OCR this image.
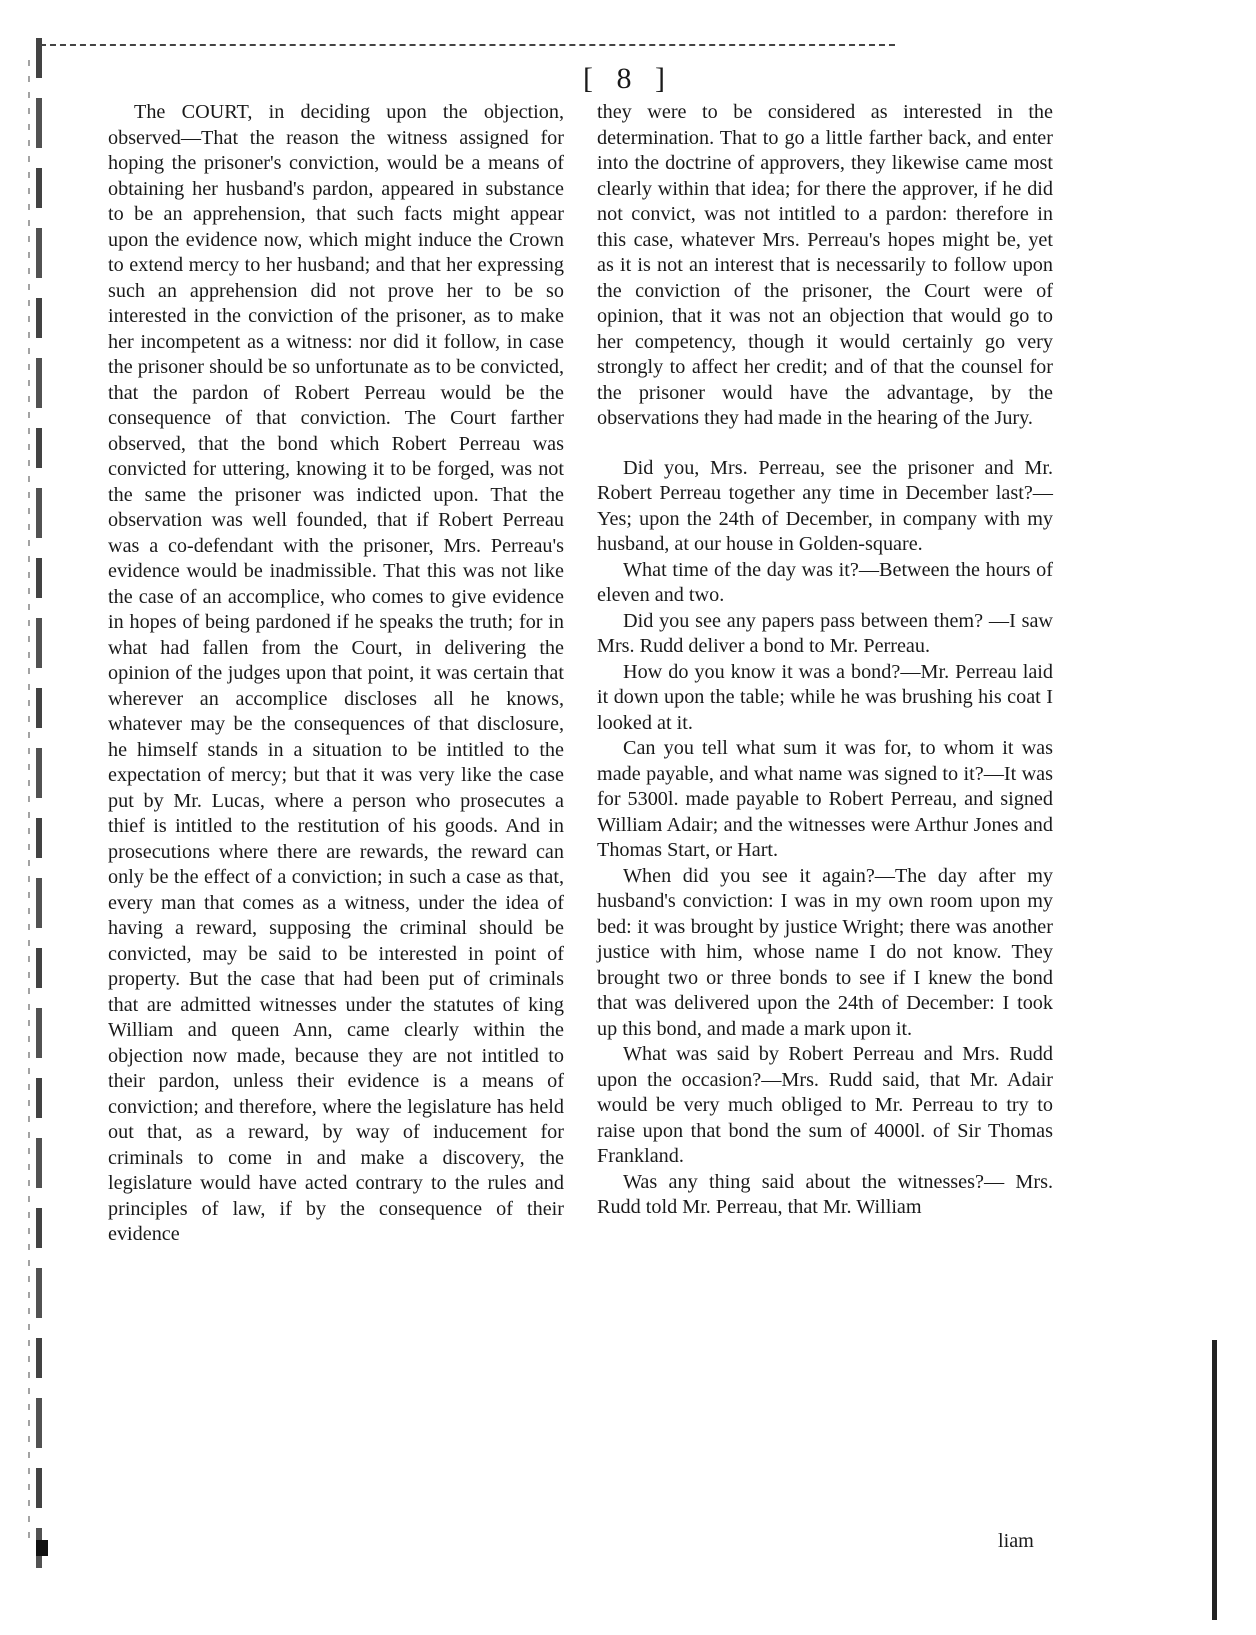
[ 8 ]

The COURT, in deciding upon the objection, observed—That the reason the witness assigned for hoping the prisoner's conviction, would be a means of obtaining her husband's pardon, appeared in substance to be an apprehension, that such facts might appear upon the evidence now, which might induce the Crown to extend mercy to her husband; and that her expressing such an apprehension did not prove her to be so interested in the conviction of the prisoner, as to make her incompetent as a witness: nor did it follow, in case the prisoner should be so unfortunate as to be convicted, that the pardon of Robert Perreau would be the consequence of that conviction. The Court farther observed, that the bond which Robert Perreau was convicted for uttering, knowing it to be forged, was not the same the prisoner was indicted upon. That the observation was well founded, that if Robert Perreau was a co-defendant with the prisoner, Mrs. Perreau's evidence would be inadmissible. That this was not like the case of an accomplice, who comes to give evidence in hopes of being pardoned if he speaks the truth; for in what had fallen from the Court, in delivering the opinion of the judges upon that point, it was certain that wherever an accomplice discloses all he knows, whatever may be the consequences of that disclosure, he himself stands in a situation to be intitled to the expectation of mercy; but that it was very like the case put by Mr. Lucas, where a person who prosecutes a thief is intitled to the restitution of his goods. And in prosecutions where there are rewards, the reward can only be the effect of a conviction; in such a case as that, every man that comes as a witness, under the idea of having a reward, supposing the criminal should be convicted, may be said to be interested in point of property. But the case that had been put of criminals that are admitted witnesses under the statutes of king William and queen Ann, came clearly within the objection now made, because they are not intitled to their pardon, unless their evidence is a means of conviction; and therefore, where the legislature has held out that, as a reward, by way of inducement for criminals to come in and make a discovery, the legislature would have acted contrary to the rules and principles of law, if by the consequence of their evidence

they were to be considered as interested in the determination. That to go a little farther back, and enter into the doctrine of approvers, they likewise came most clearly within that idea; for there the approver, if he did not convict, was not intitled to a pardon: therefore in this case, whatever Mrs. Perreau's hopes might be, yet as it is not an interest that is necessarily to follow upon the conviction of the prisoner, the Court were of opinion, that it was not an objection that would go to her competency, though it would certainly go very strongly to affect her credit; and of that the counsel for the prisoner would have the advantage, by the observations they had made in the hearing of the Jury.

Did you, Mrs. Perreau, see the prisoner and Mr. Robert Perreau together any time in December last?—Yes; upon the 24th of December, in company with my husband, at our house in Golden-square.

What time of the day was it?—Between the hours of eleven and two.

Did you see any papers pass between them? —I saw Mrs. Rudd deliver a bond to Mr. Perreau.

How do you know it was a bond?—Mr. Perreau laid it down upon the table; while he was brushing his coat I looked at it.

Can you tell what sum it was for, to whom it was made payable, and what name was signed to it?—It was for 5300l. made payable to Robert Perreau, and signed William Adair; and the witnesses were Arthur Jones and Thomas Start, or Hart.

When did you see it again?—The day after my husband's conviction: I was in my own room upon my bed: it was brought by justice Wright; there was another justice with him, whose name I do not know. They brought two or three bonds to see if I knew the bond that was delivered upon the 24th of December: I took up this bond, and made a mark upon it.

What was said by Robert Perreau and Mrs. Rudd upon the occasion?—Mrs. Rudd said, that Mr. Adair would be very much obliged to Mr. Perreau to try to raise upon that bond the sum of 4000l. of Sir Thomas Frankland.

Was any thing said about the witnesses?— Mrs. Rudd told Mr. Perreau, that Mr. William

liam
